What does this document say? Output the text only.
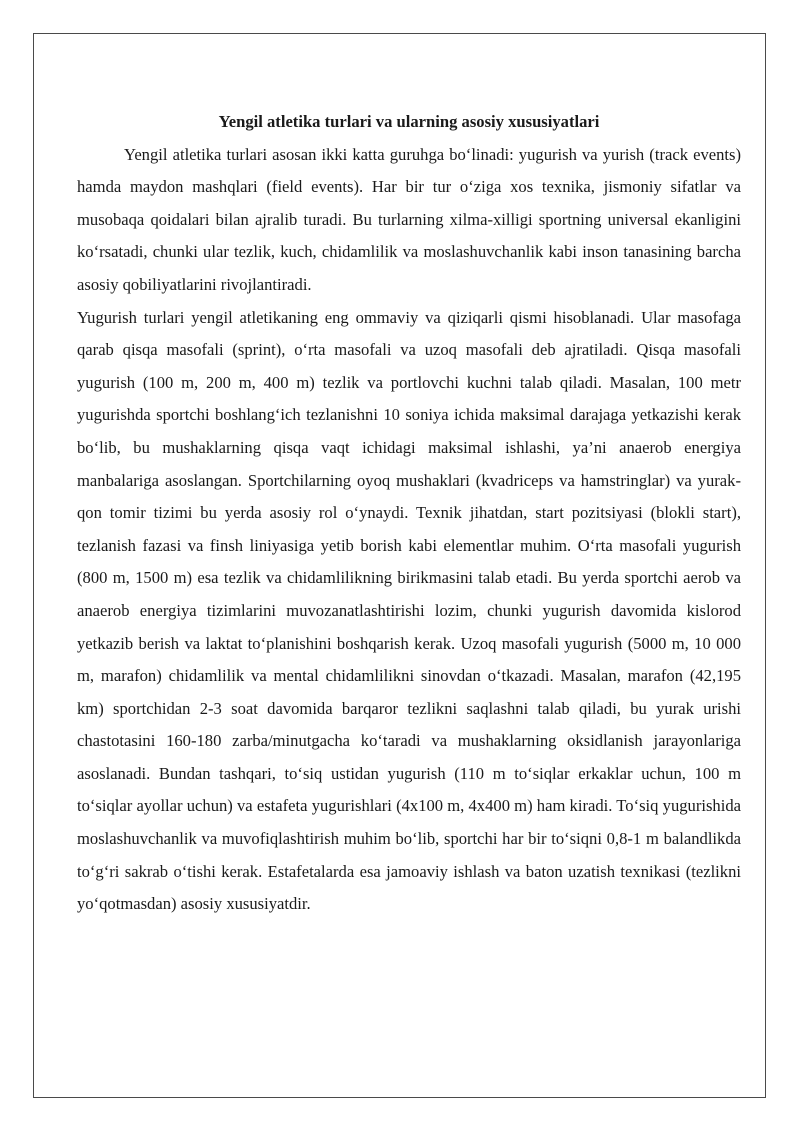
Yengil atletika turlari va ularning asosiy xususiyatlari

Yengil atletika turlari asosan ikki katta guruhga bo‘linadi: yugurish va yurish (track events) hamda maydon mashqlari (field events). Har bir tur o‘ziga xos texnika, jismoniy sifatlar va musobaqa qoidalari bilan ajralib turadi. Bu turlarning xilma-xilligi sportning universal ekanligini ko‘rsatadi, chunki ular tezlik, kuch, chidamlilik va moslashuvchanlik kabi inson tanasining barcha asosiy qobiliyatlarini rivojlantiradi.

Yugurish turlari yengil atletikaning eng ommaviy va qiziqarli qismi hisoblanadi. Ular masofaga qarab qisqa masofali (sprint), o‘rta masofali va uzoq masofali deb ajratiladi. Qisqa masofali yugurish (100 m, 200 m, 400 m) tezlik va portlovchi kuchni talab qiladi. Masalan, 100 metr yugurishda sportchi boshlang‘ich tezlanishni 10 soniya ichida maksimal darajaga yetkazishi kerak bo‘lib, bu mushaklarning qisqa vaqt ichidagi maksimal ishlashi, ya’ni anaerob energiya manbalariga asoslangan. Sportchilarning oyoq mushaklari (kvadriceps va hamstringlar) va yurak-qon tomir tizimi bu yerda asosiy rol o‘ynaydi. Texnik jihatdan, start pozitsiyasi (blokli start), tezlanish fazasi va finsh liniyasiga yetib borish kabi elementlar muhim. O‘rta masofali yugurish (800 m, 1500 m) esa tezlik va chidamlilikning birikmasini talab etadi. Bu yerda sportchi aerob va anaerob energiya tizimlarini muvozanatlashtirishi lozim, chunki yugurish davomida kislorod yetkazib berish va laktat to‘planishini boshqarish kerak. Uzoq masofali yugurish (5000 m, 10 000 m, marafon) chidamlilik va mental chidamlilikni sinovdan o‘tkazadi. Masalan, marafon (42,195 km) sportchidan 2-3 soat davomida barqaror tezlikni saqlashni talab qiladi, bu yurak urishi chastotasini 160-180 zarba/minutgacha ko‘taradi va mushaklarning oksidlanish jarayonlariga asoslanadi. Bundan tashqari, to‘siq ustidan yugurish (110 m to‘siqlar erkaklar uchun, 100 m to‘siqlar ayollar uchun) va estafeta yugurishlari (4x100 m, 4x400 m) ham kiradi. To‘siq yugurishida moslashuvchanlik va muvofiqlashtirish muhim bo‘lib, sportchi har bir to‘siqni 0,8-1 m balandlikda to‘g‘ri sakrab o‘tishi kerak. Estafetalarda esa jamoaviy ishlash va baton uzatish texnikasi (tezlikni yo‘qotmasdan) asosiy xususiyatdir.
